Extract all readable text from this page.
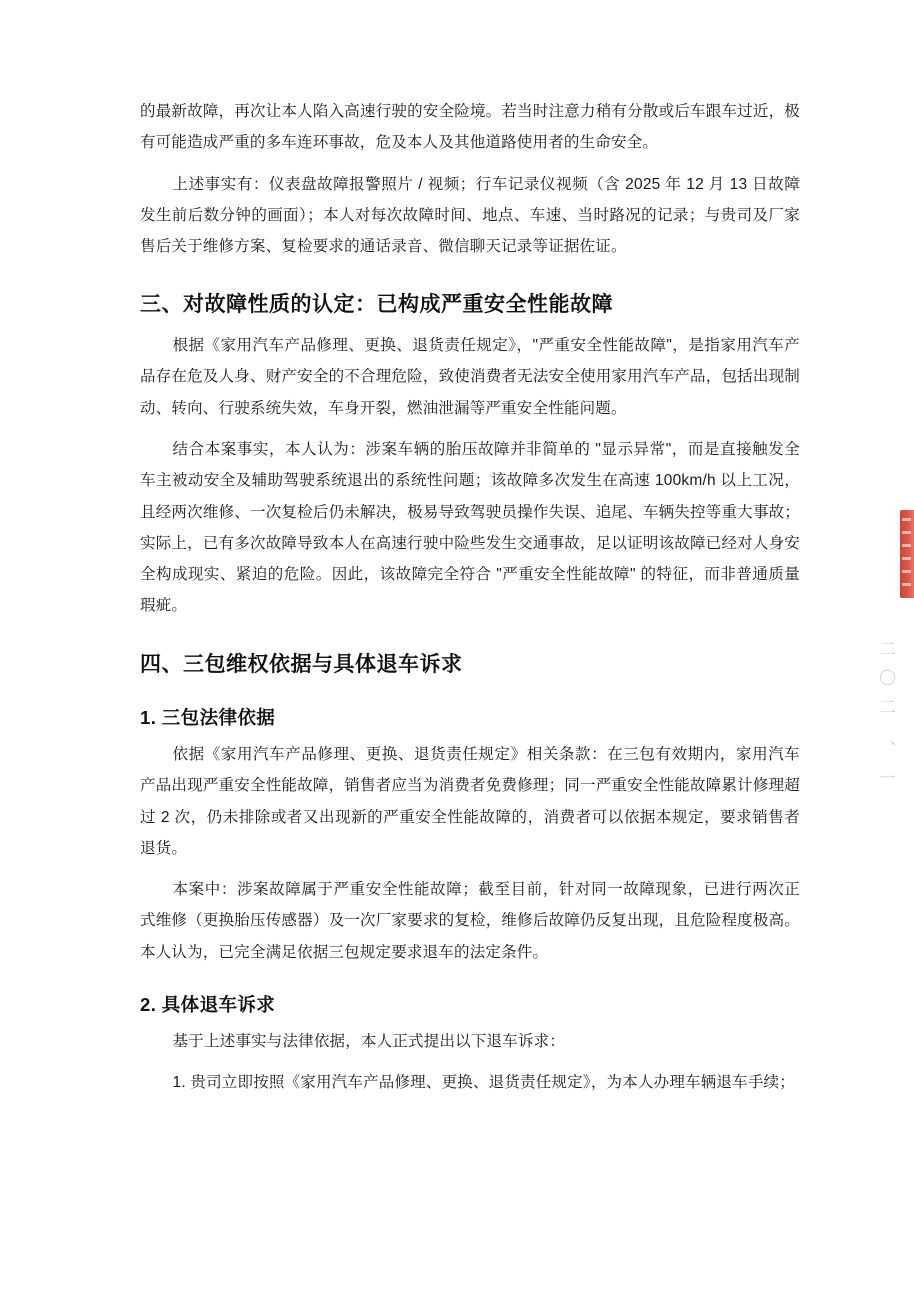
的最新故障，再次让本人陷入高速行驶的安全险境。若当时注意力稍有分散或后车跟车过近，极有可能造成严重的多车连环事故，危及本人及其他道路使用者的生命安全。

上述事实有：仪表盘故障报警照片 / 视频；行车记录仪视频（含 2025 年 12 月 13 日故障发生前后数分钟的画面）；本人对每次故障时间、地点、车速、当时路况的记录；与贵司及厂家售后关于维修方案、复检要求的通话录音、微信聊天记录等证据佐证。

三、对故障性质的认定：已构成严重安全性能故障

根据《家用汽车产品修理、更换、退货责任规定》，"严重安全性能故障"，是指家用汽车产品存在危及人身、财产安全的不合理危险，致使消费者无法安全使用家用汽车产品，包括出现制动、转向、行驶系统失效，车身开裂，燃油泄漏等严重安全性能问题。

结合本案事实，本人认为：涉案车辆的胎压故障并非简单的 "显示异常"，而是直接触发全车主被动安全及辅助驾驶系统退出的系统性问题；该故障多次发生在高速 100km/h 以上工况，且经两次维修、一次复检后仍未解决，极易导致驾驶员操作失误、追尾、车辆失控等重大事故；实际上，已有多次故障导致本人在高速行驶中险些发生交通事故，足以证明该故障已经对人身安全构成现实、紧迫的危险。因此，该故障完全符合 "严重安全性能故障" 的特征，而非普通质量瑕疵。

四、三包维权依据与具体退车诉求
1. 三包法律依据

依据《家用汽车产品修理、更换、退货责任规定》相关条款：在三包有效期内，家用汽车产品出现严重安全性能故障，销售者应当为消费者免费修理；同一严重安全性能故障累计修理超过 2 次，仍未排除或者又出现新的严重安全性能故障的，消费者可以依据本规定，要求销售者退货。

本案中：涉案故障属于严重安全性能故障；截至目前，针对同一故障现象，已进行两次正式维修（更换胎压传感器）及一次厂家要求的复检，维修后故障仍反复出现，且危险程度极高。本人认为，已完全满足依据三包规定要求退车的法定条件。

2. 具体退车诉求

基于上述事实与法律依据，本人正式提出以下退车诉求：

1. 贵司立即按照《家用汽车产品修理、更换、退货责任规定》，为本人办理车辆退车手续；

二〇二
、一
